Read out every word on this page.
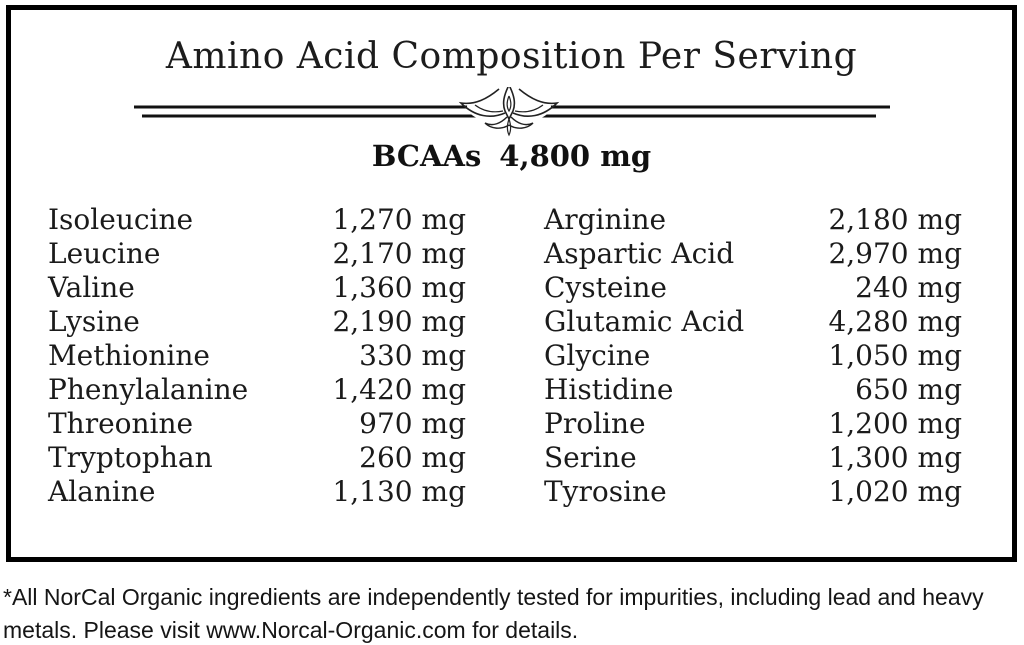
Amino Acid Composition Per Serving
BCAAs 4,800 mg
Isoleucine	1,270 mg
Leucine	2,170 mg
Valine	1,360 mg
Lysine	2,190 mg
Methionine	330 mg
Phenylalanine	1,420 mg
Threonine	970 mg
Tryptophan	260 mg
Alanine	1,130 mg
Arginine	2,180 mg
Aspartic Acid	2,970 mg
Cysteine	240 mg
Glutamic Acid	4,280 mg
Glycine	1,050 mg
Histidine	650 mg
Proline	1,200 mg
Serine	1,300 mg
Tyrosine	1,020 mg
*All NorCal Organic ingredients are independently tested for impurities, including lead and heavy
metals. Please visit www.Norcal-Organic.com for details.
